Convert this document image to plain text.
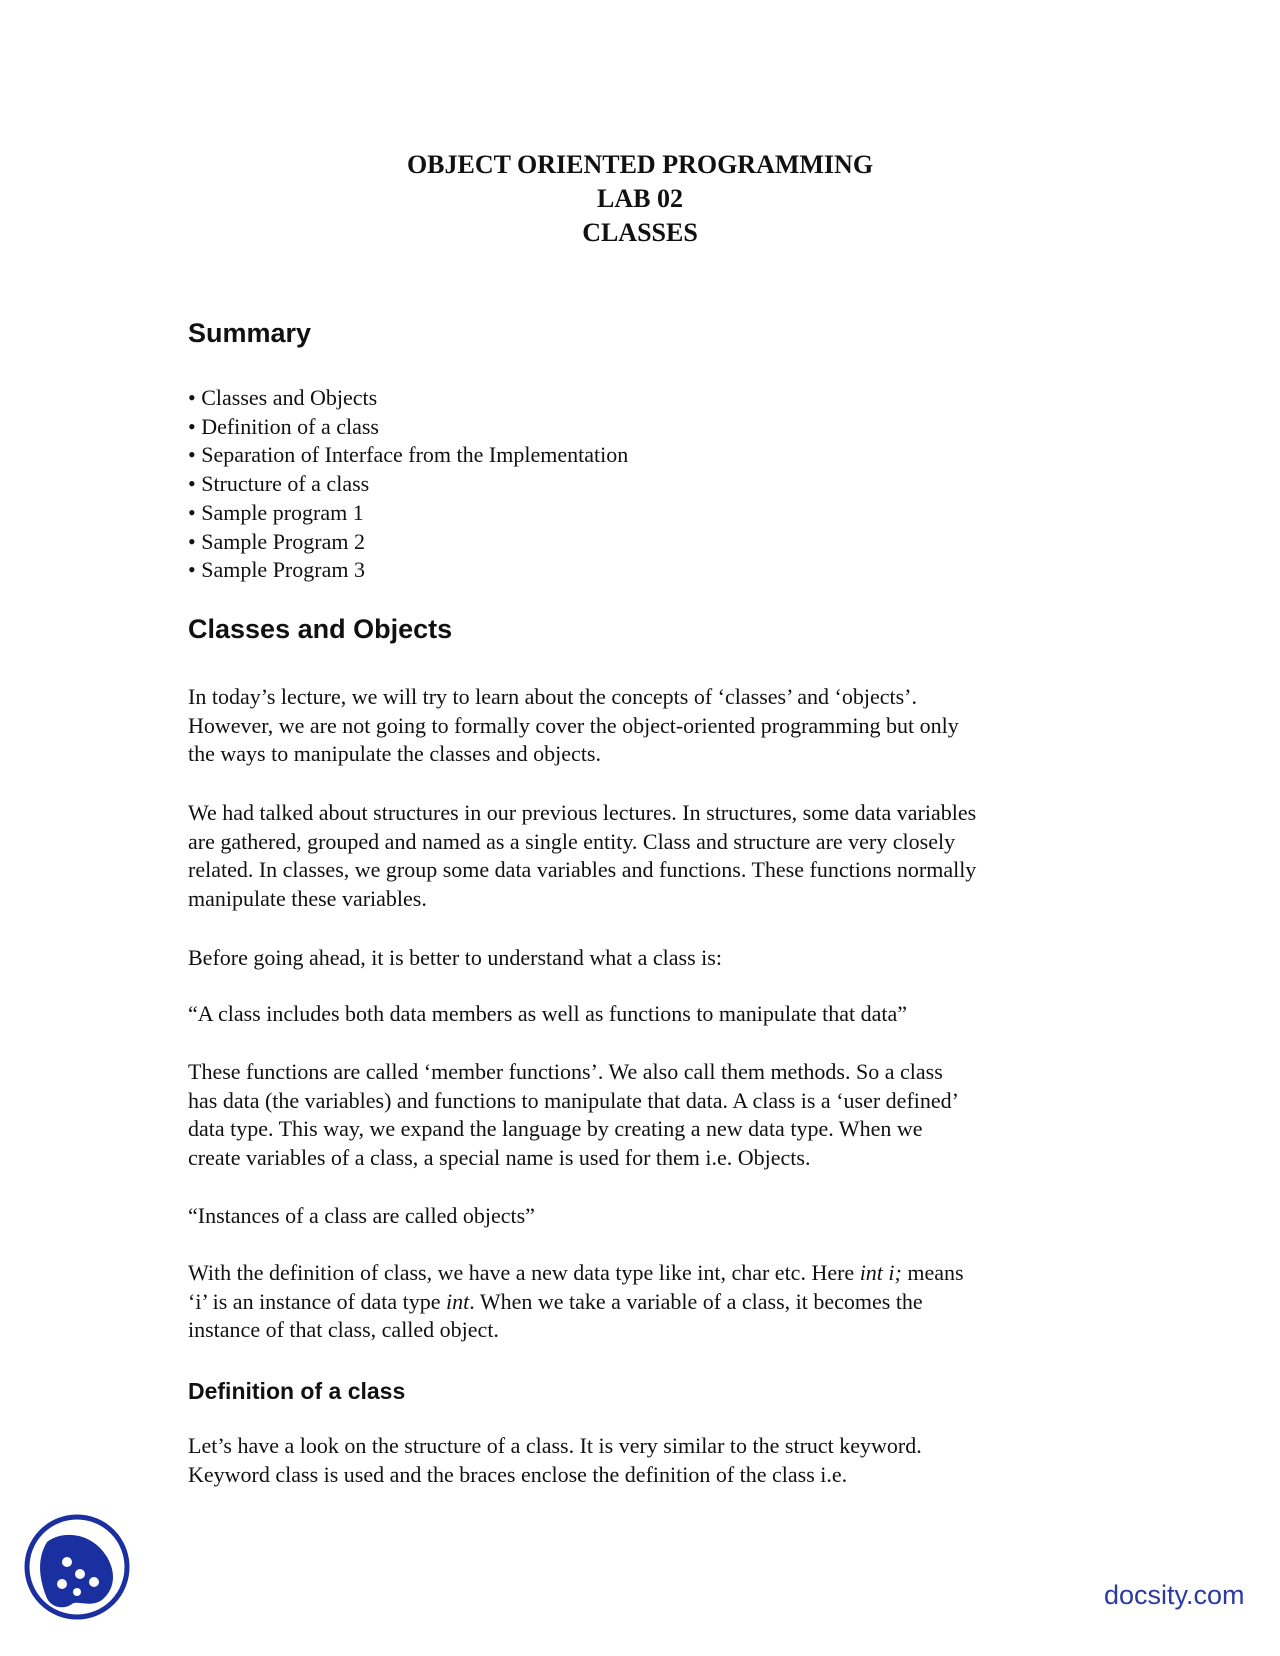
OBJECT ORIENTED PROGRAMMING
LAB 02
CLASSES
Summary
• Classes and Objects
• Definition of a class
• Separation of Interface from the Implementation
• Structure of a class
• Sample program 1
• Sample Program 2
• Sample Program 3
Classes and Objects

In today’s lecture, we will try to learn about the concepts of ‘classes’ and ‘objects’.
However, we are not going to formally cover the object-oriented programming but only
the ways to manipulate the classes and objects.

We had talked about structures in our previous lectures. In structures, some data variables
are gathered, grouped and named as a single entity. Class and structure are very closely
related. In classes, we group some data variables and functions. These functions normally
manipulate these variables.

Before going ahead, it is better to understand what a class is:

“A class includes both data members as well as functions to manipulate that data”

These functions are called ‘member functions’. We also call them methods. So a class
has data (the variables) and functions to manipulate that data. A class is a ‘user defined’
data type. This way, we expand the language by creating a new data type. When we
create variables of a class, a special name is used for them i.e. Objects.

“Instances of a class are called objects”

With the definition of class, we have a new data type like int, char etc. Here int i; means
‘i’ is an instance of data type int. When we take a variable of a class, it becomes the
instance of that class, called object.

Definition of a class

Let’s have a look on the structure of a class. It is very similar to the struct keyword.
Keyword class is used and the braces enclose the definition of the class i.e.

docsity.com
